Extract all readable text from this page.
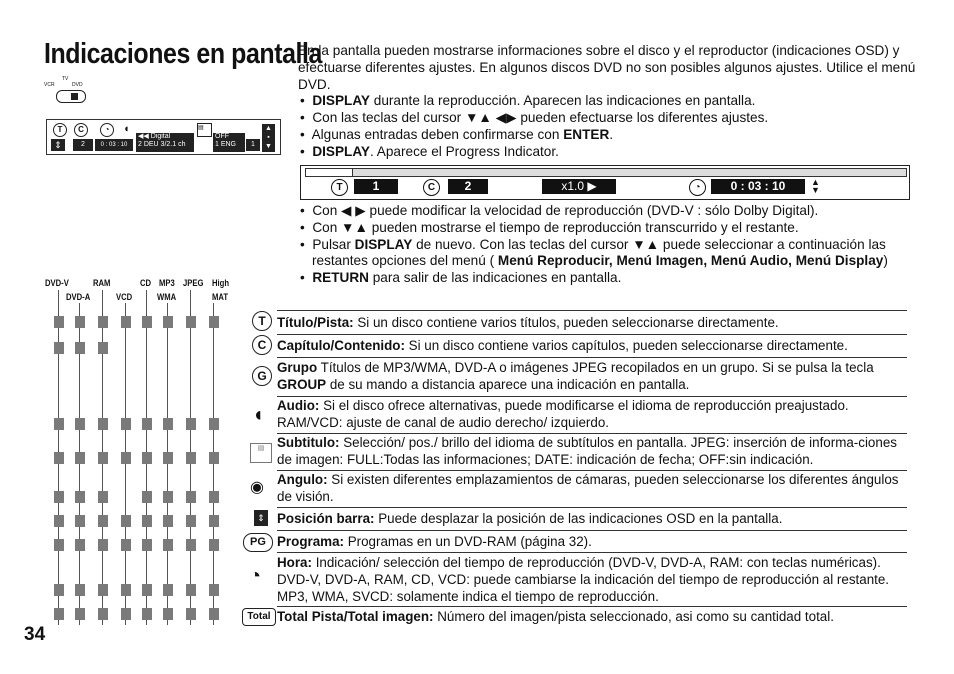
Indicaciones en pantalla
TV
VCR	DVD
T	C	◔	◖
⇕	2	0 : 03 : 10
◀◀ Digital
2 DEU 3/2.1 ch
▤
OFF
1 ENG	1
▲
▪
▼
En la pantalla pueden mostrarse informaciones sobre el disco y el reproductor (indicaciones OSD) y efectuarse diferentes ajustes. En algunos discos DVD no son posibles algunos ajustes. Utilice el menú DVD.
•  DISPLAY durante la reproducción. Aparecen las indicaciones en pantalla.
•  Con las teclas del cursor ▼▲ ◀▶ pueden efectuarse los diferentes ajustes.
•  Algunas entradas deben confirmarse con ENTER.
•  DISPLAY. Aparece el Progress Indicator.
T	1	C	2	x1.0 ▶	◔	0 : 03 : 10	▲
▼
•  Con ◀ ▶ puede modificar la velocidad de reproducción (DVD-V : sólo Dolby Digital).
•  Con ▼▲ pueden mostrarse el tiempo de reproducción transcurrido y el restante.
•  Pulsar DISPLAY de nuevo. Con las teclas del cursor ▼▲ puede seleccionar a continuación las restantes opciones del menú ( Menú Reproducir, Menú Imagen, Menú Audio, Menú Display)
•  RETURN para salir de las indicaciones en pantalla.
DVD-V	RAM	CD MP3 JPEG High
DVD-A	VCD	WMA	MAT
T Título/Pista: Si un disco contiene varios títulos, pueden seleccionarse directamente.
C Capítulo/Contenido: Si un disco contiene varios capítulos, pueden seleccionarse directamente.
G
Grupo Títulos de MP3/WMA, DVD-A o imágenes JPEG recopilados en un grupo. Si se pulsa la tecla GROUP de su mando a distancia aparece una indicación en pantalla.
◖ Audio: Si el disco ofrece alternativas, puede modificarse el idioma de reproducción preajustado. RAM/VCD: ajuste de canal de audio derecho/ izquierdo.
▤ Subtitulo: Selección/ pos./ brillo del idioma de subtítulos en pantalla. JPEG: inserción de informa-ciones de imagen: FULL:Todas las informaciones; DATE: indicación de fecha; OFF:sin indicación.
◉ Angulo: Si existen diferentes emplazamientos de cámaras, pueden seleccionarse los diferentes ángulos de visión.
⇕ Posición barra: Puede desplazar la posición de las indicaciones OSD en la pantalla.
PG Programa: Programas en un DVD-RAM (página 32).
◔
Hora: Indicación/ selección del tiempo de reproducción (DVD-V, DVD-A, RAM: con teclas numéricas). DVD-V, DVD-A, RAM, CD, VCD: puede cambiarse la indicación del tiempo de reproducción al restante. MP3, WMA, SVCD: solamente indica el tiempo de reproducción.
Total Total Pista/Total imagen: Número del imagen/pista seleccionado, asi como su cantidad total.
34
